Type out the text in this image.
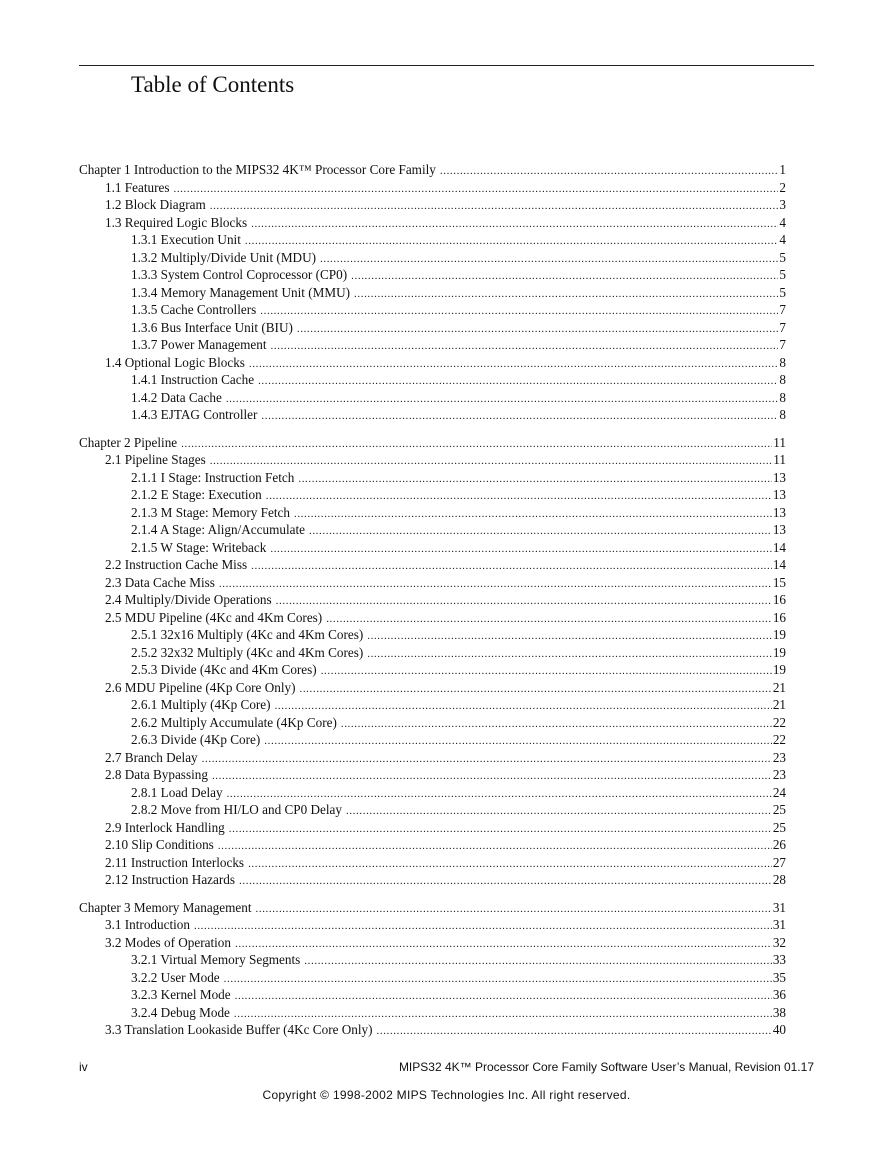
Table of Contents
Chapter 1 Introduction to the MIPS32 4K™ Processor Core Family .....	1
1.1 Features .....	2
1.2 Block Diagram .....	3
1.3 Required Logic Blocks .....	4
1.3.1 Execution Unit .....	4
1.3.2 Multiply/Divide Unit (MDU) .....	5
1.3.3 System Control Coprocessor (CP0) .....	5
1.3.4 Memory Management Unit (MMU) .....	5
1.3.5 Cache Controllers .....	7
1.3.6 Bus Interface Unit (BIU) .....	7
1.3.7 Power Management .....	7
1.4 Optional Logic Blocks .....	8
1.4.1 Instruction Cache .....	8
1.4.2 Data Cache .....	8
1.4.3 EJTAG Controller .....	8
Chapter 2 Pipeline .....	11
2.1 Pipeline Stages .....	11
2.1.1 I Stage: Instruction Fetch .....	13
2.1.2 E Stage: Execution .....	13
2.1.3 M Stage: Memory Fetch .....	13
2.1.4 A Stage: Align/Accumulate .....	13
2.1.5 W Stage: Writeback .....	14
2.2 Instruction Cache Miss .....	14
2.3 Data Cache Miss .....	15
2.4 Multiply/Divide Operations .....	16
2.5 MDU Pipeline (4Kc and 4Km Cores) .....	16
2.5.1 32x16 Multiply (4Kc and 4Km Cores) .....	19
2.5.2 32x32 Multiply (4Kc and 4Km Cores) .....	19
2.5.3 Divide (4Kc and 4Km Cores) .....	19
2.6 MDU Pipeline (4Kp Core Only) .....	21
2.6.1 Multiply (4Kp Core) .....	21
2.6.2 Multiply Accumulate (4Kp Core) .....	22
2.6.3 Divide (4Kp Core) .....	22
2.7 Branch Delay .....	23
2.8 Data Bypassing .....	23
2.8.1 Load Delay .....	24
2.8.2 Move from HI/LO and CP0 Delay .....	25
2.9 Interlock Handling .....	25
2.10 Slip Conditions .....	26
2.11 Instruction Interlocks .....	27
2.12 Instruction Hazards .....	28
Chapter 3 Memory Management .....	31
3.1 Introduction .....	31
3.2 Modes of Operation .....	32
3.2.1 Virtual Memory Segments .....	33
3.2.2 User Mode .....	35
3.2.3 Kernel Mode .....	36
3.2.4 Debug Mode .....	38
3.3 Translation Lookaside Buffer (4Kc Core Only) .....	40
iv	MIPS32 4K™ Processor Core Family Software User’s Manual, Revision 01.17
Copyright © 1998-2002 MIPS Technologies Inc. All right reserved.
